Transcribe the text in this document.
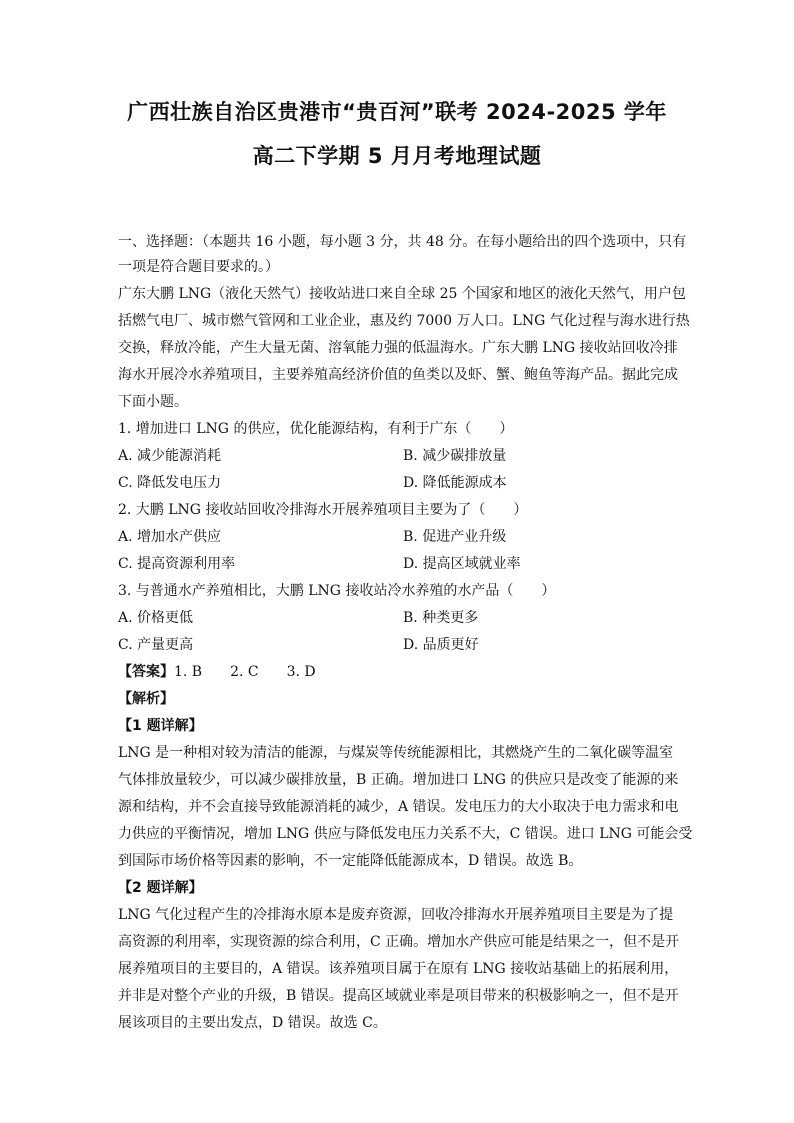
广西壮族自治区贵港市“贵百河”联考 2024-2025 学年
高二下学期 5 月月考地理试题
一、选择题：（本题共 16 小题，每小题 3 分，共 48 分。在每小题给出的四个选项中，只有
一项是符合题目要求的。）
广东大鹏 LNG（液化天然气）接收站进口来自全球 25 个国家和地区的液化天然气，用户包
括燃气电厂、城市燃气管网和工业企业，惠及约 7000 万人口。LNG 气化过程与海水进行热
交换，释放冷能，产生大量无菌、溶氧能力强的低温海水。广东大鹏 LNG 接收站回收冷排
海水开展冷水养殖项目，主要养殖高经济价值的鱼类以及虾、蟹、鲍鱼等海产品。据此完成
下面小题。
1. 增加进口 LNG 的供应，优化能源结构，有利于广东（　　）
A. 减少能源消耗	B. 减少碳排放量
C. 降低发电压力	D. 降低能源成本
2. 大鹏 LNG 接收站回收冷排海水开展养殖项目主要为了（　　）
A. 增加水产供应	B. 促进产业升级
C. 提高资源利用率	D. 提高区域就业率
3. 与普通水产养殖相比，大鹏 LNG 接收站冷水养殖的水产品（　　）
A. 价格更低	B. 种类更多
C. 产量更高	D. 品质更好
【答案】1. B　　2. C　　3. D
【解析】
【1 题详解】
LNG 是一种相对较为清洁的能源，与煤炭等传统能源相比，其燃烧产生的二氧化碳等温室
气体排放量较少，可以减少碳排放量，B 正确。增加进口 LNG 的供应只是改变了能源的来
源和结构，并不会直接导致能源消耗的减少，A 错误。发电压力的大小取决于电力需求和电
力供应的平衡情况，增加 LNG 供应与降低发电压力关系不大，C 错误。进口 LNG 可能会受
到国际市场价格等因素的影响，不一定能降低能源成本，D 错误。故选 B。
【2 题详解】
LNG 气化过程产生的冷排海水原本是废弃资源，回收冷排海水开展养殖项目主要是为了提
高资源的利用率，实现资源的综合利用，C 正确。增加水产供应可能是结果之一，但不是开
展养殖项目的主要目的，A 错误。该养殖项目属于在原有 LNG 接收站基础上的拓展利用，
并非是对整个产业的升级，B 错误。提高区域就业率是项目带来的积极影响之一，但不是开
展该项目的主要出发点，D 错误。故选 C。
